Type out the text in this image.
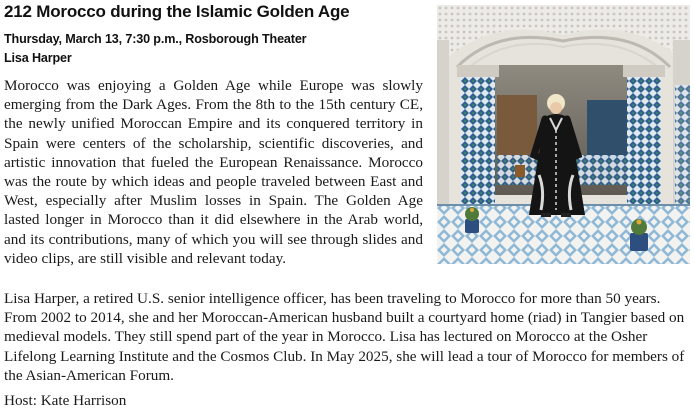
212 Morocco during the Islamic Golden Age
Thursday, March 13, 7:30 p.m., Rosborough Theater
Lisa Harper

Morocco was enjoying a Golden Age while Europe was slowly emerging from the Dark Ages. From the 8th to the 15th century CE, the newly unified Moroccan Empire and its conquered territory in Spain were centers of the scholarship, scientific discoveries, and artistic innovation that fueled the European Renaissance. Morocco was the route by which ideas and people traveled between East and West, especially after Muslim losses in Spain. The Golden Age lasted longer in Morocco than it did elsewhere in the Arab world, and its contributions, many of which you will see through slides and video clips, are still visible and relevant today.

Lisa Harper, a retired U.S. senior intelligence officer, has been traveling to Morocco for more than 50 years. From 2002 to 2014, she and her Moroccan-American husband built a courtyard home (riad) in Tangier based on medieval models. They still spend part of the year in Morocco. Lisa has lectured on Morocco at the Osher Lifelong Learning Institute and the Cosmos Club. In May 2025, she will lead a tour of Morocco for members of the Asian-American Forum.

Host: Kate Harrison
